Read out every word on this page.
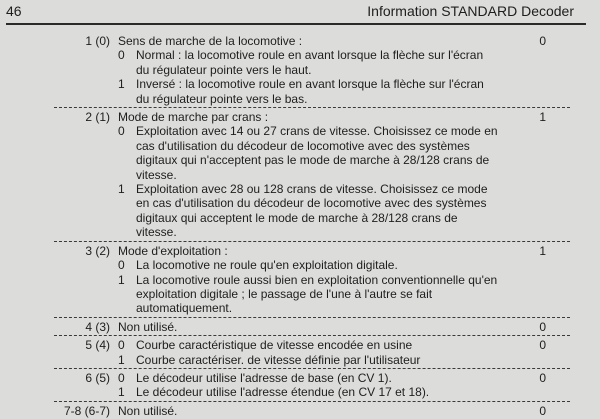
46	Information STANDARD Decoder
1 (0)	0
Sens de marche de la locomotive :
0 Normal : la locomotive roule en avant lorsque la flèche sur l'écran du régulateur pointe vers le haut.
1 Inversé : la locomotive roule en avant lorsque la flèche sur l'écran du régulateur pointe vers le bas.
2 (1)	1
Mode de marche par crans :
0 Exploitation avec 14 ou 27 crans de vitesse. Choisissez ce mode en cas d'utilisation du décodeur de locomotive avec des systèmes digitaux qui n'acceptent pas le mode de marche à 28/128 crans de vitesse.
1 Exploitation avec 28 ou 128 crans de vitesse. Choisissez ce mode en cas d'utilisation du décodeur de locomotive avec des systèmes digitaux qui acceptent le mode de marche à 28/128 crans de vitesse.
3 (2)	1
Mode d'exploitation :
0 La locomotive ne roule qu'en exploitation digitale.
1 La locomotive roule aussi bien en exploitation conventionnelle qu'en exploitation digitale ; le passage de l'une à l'autre se fait automatiquement.
4 (3)	0
Non utilisé.
5 (4)	0
0 Courbe caractéristique de vitesse encodée en usine
1 Courbe caractériser. de vitesse définie par l'utilisateur
6 (5)	0
0 Le décodeur utilise l'adresse de base (en CV 1).
1 Le décodeur utilise l'adresse étendue (en CV 17 et 18).
7-8 (6-7)	0
Non utilisé.
